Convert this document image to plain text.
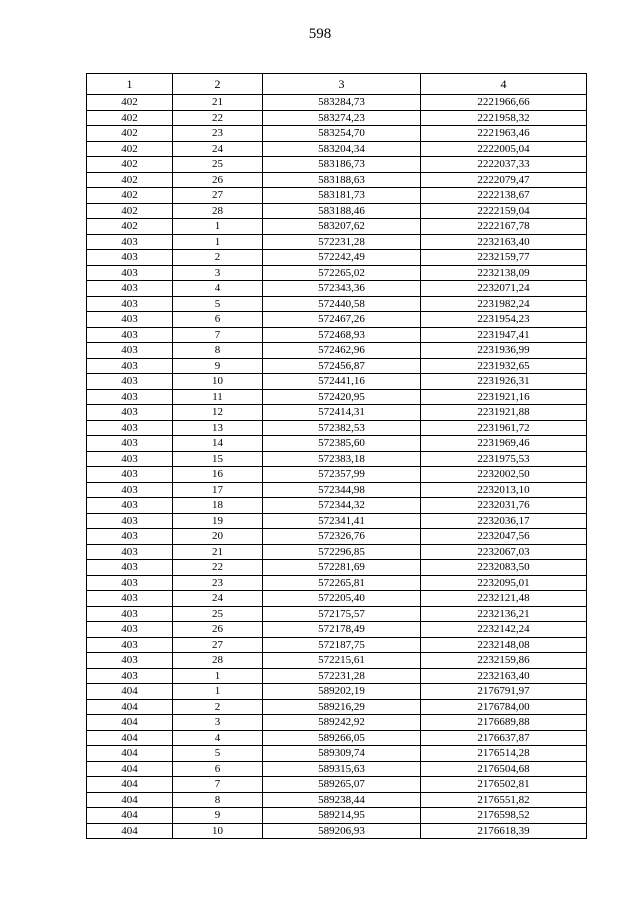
598
1	2	3	4
402	21	583284,73	2221966,66
402	22	583274,23	2221958,32
402	23	583254,70	2221963,46
402	24	583204,34	2222005,04
402	25	583186,73	2222037,33
402	26	583188,63	2222079,47
402	27	583181,73	2222138,67
402	28	583188,46	2222159,04
402	1	583207,62	2222167,78
403	1	572231,28	2232163,40
403	2	572242,49	2232159,77
403	3	572265,02	2232138,09
403	4	572343,36	2232071,24
403	5	572440,58	2231982,24
403	6	572467,26	2231954,23
403	7	572468,93	2231947,41
403	8	572462,96	2231936,99
403	9	572456,87	2231932,65
403	10	572441,16	2231926,31
403	11	572420,95	2231921,16
403	12	572414,31	2231921,88
403	13	572382,53	2231961,72
403	14	572385,60	2231969,46
403	15	572383,18	2231975,53
403	16	572357,99	2232002,50
403	17	572344,98	2232013,10
403	18	572344,32	2232031,76
403	19	572341,41	2232036,17
403	20	572326,76	2232047,56
403	21	572296,85	2232067,03
403	22	572281,69	2232083,50
403	23	572265,81	2232095,01
403	24	572205,40	2232121,48
403	25	572175,57	2232136,21
403	26	572178,49	2232142,24
403	27	572187,75	2232148,08
403	28	572215,61	2232159,86
403	1	572231,28	2232163,40
404	1	589202,19	2176791,97
404	2	589216,29	2176784,00
404	3	589242,92	2176689,88
404	4	589266,05	2176637,87
404	5	589309,74	2176514,28
404	6	589315,63	2176504,68
404	7	589265,07	2176502,81
404	8	589238,44	2176551,82
404	9	589214,95	2176598,52
404	10	589206,93	2176618,39
